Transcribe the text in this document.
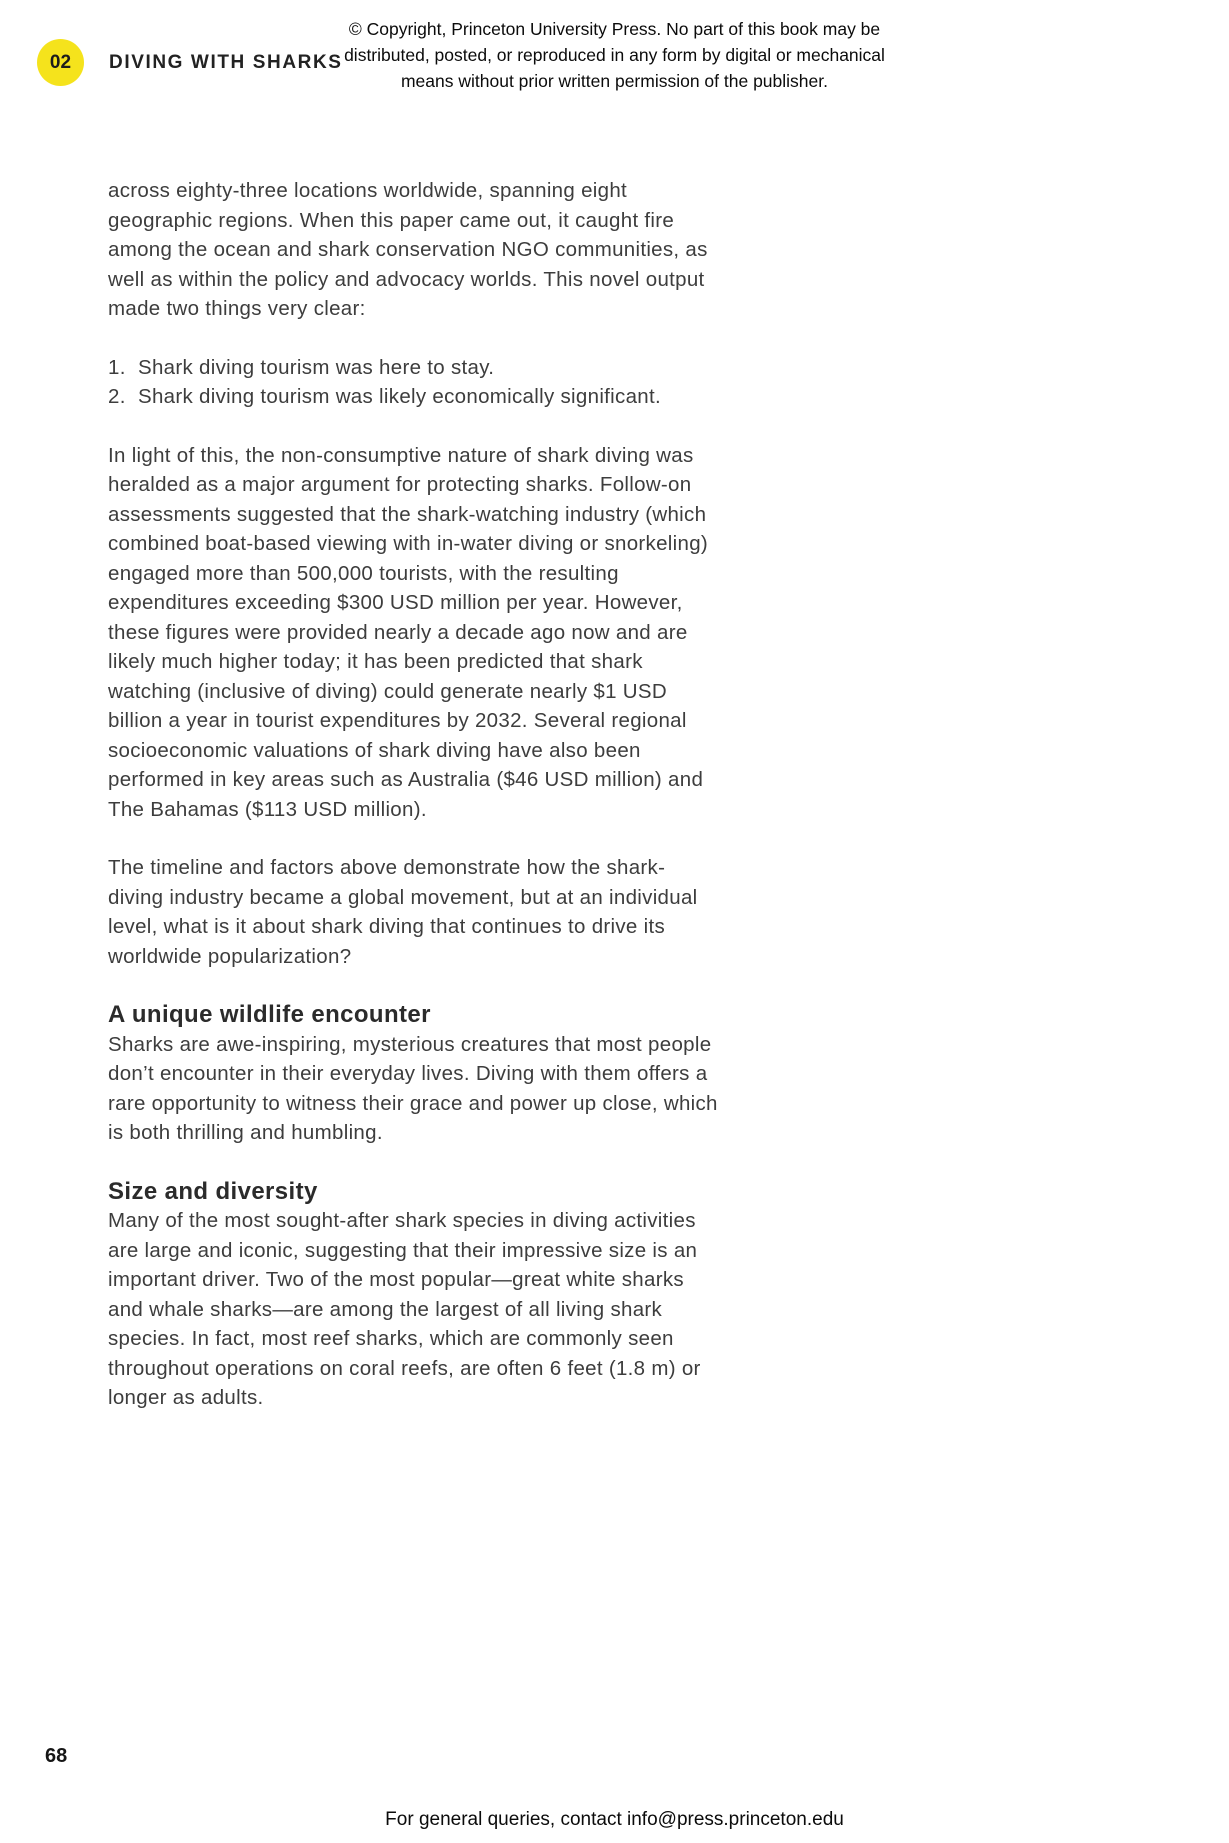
© Copyright, Princeton University Press. No part of this book may be
distributed, posted, or reproduced in any form by digital or mechanical
means without prior written permission of the publisher.
02 DIVING WITH SHARKS

across eighty-three locations worldwide, spanning eight geographic regions. When this paper came out, it caught fire among the ocean and shark conservation NGO communities, as well as within the policy and advocacy worlds. This novel output made two things very clear:

1. Shark diving tourism was here to stay.
2. Shark diving tourism was likely economically significant.

In light of this, the non-consumptive nature of shark diving was heralded as a major argument for protecting sharks. Follow-on assessments suggested that the shark-watching industry (which combined boat-based viewing with in-water diving or snorkeling) engaged more than 500,000 tourists, with the resulting expenditures exceeding $300 USD million per year. However, these figures were provided nearly a decade ago now and are likely much higher today; it has been predicted that shark watching (inclusive of diving) could generate nearly $1 USD billion a year in tourist expenditures by 2032. Several regional socioeconomic valuations of shark diving have also been performed in key areas such as Australia ($46 USD million) and The Bahamas ($113 USD million).

The timeline and factors above demonstrate how the shark-diving industry became a global movement, but at an individual level, what is it about shark diving that continues to drive its worldwide popularization?

A unique wildlife encounter

Sharks are awe-inspiring, mysterious creatures that most people don’t encounter in their everyday lives. Diving with them offers a rare opportunity to witness their grace and power up close, which is both thrilling and humbling.

Size and diversity

Many of the most sought-after shark species in diving activities are large and iconic, suggesting that their impressive size is an important driver. Two of the most popular—great white sharks and whale sharks—are among the largest of all living shark species. In fact, most reef sharks, which are commonly seen throughout operations on coral reefs, are often 6 feet (1.8 m) or longer as adults.

68
For general queries, contact info@press.princeton.edu
